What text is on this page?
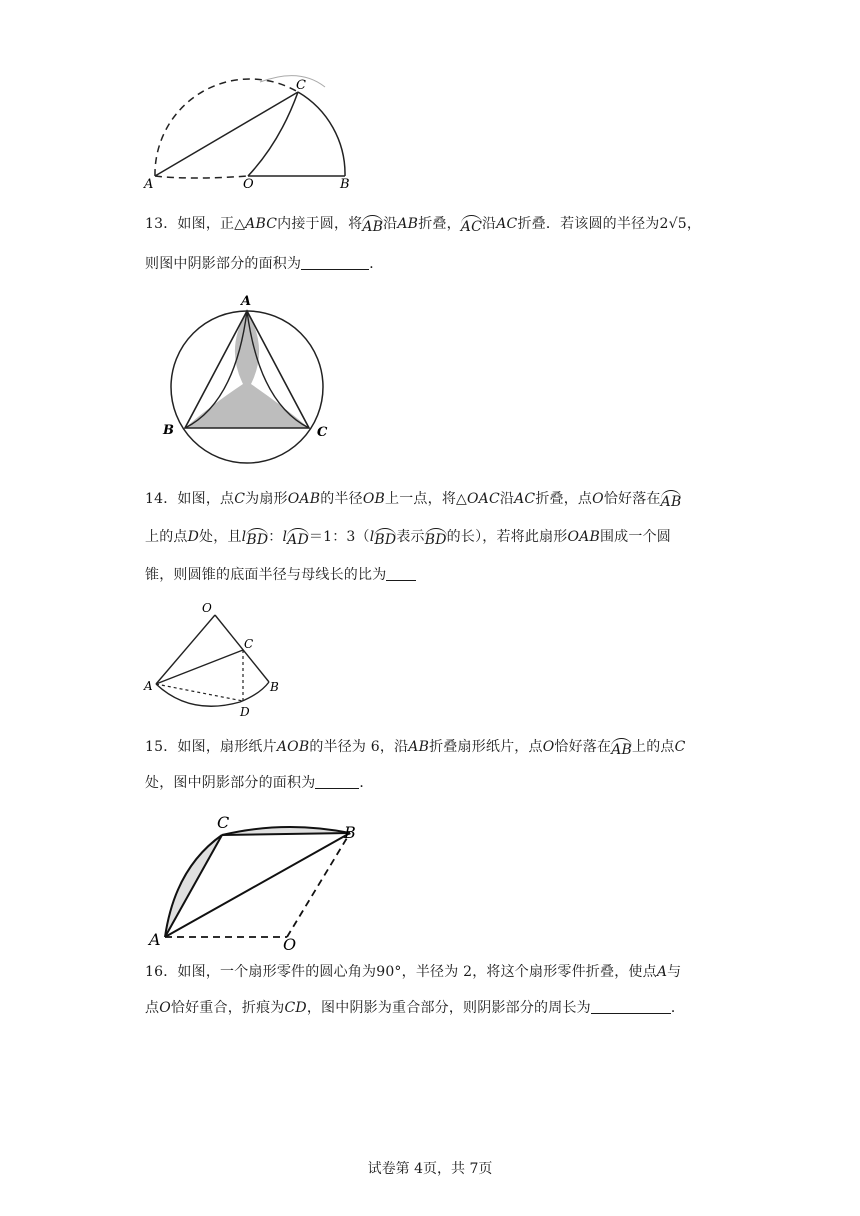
A	O	B
C
13．如图，正△ABC内接于圆，将AB沿AB折叠，AC沿AC折叠．若该圆的半径为2√5，
则图中阴影部分的面积为	．
A
B	C
14．如图，点C为扇形OAB的半径OB上一点，将△OAC沿AC折叠，点O恰好落在AB
上的点D处，且lBD：lAD＝1：3（lBD表示BD的长），若将此扇形OAB围成一个圆
锥，则圆锥的底面半径与母线长的比为
O
C
A	B
D
15．如图，扇形纸片AOB的半径为 6，沿AB折叠扇形纸片，点O恰好落在AB上的点C
处，图中阴影部分的面积为	．
C
B
A	O
16．如图，一个扇形零件的圆心角为90°，半径为 2，将这个扇形零件折叠，使点A与
点O恰好重合，折痕为CD，图中阴影为重合部分，则阴影部分的周长为	．
试卷第 4页，共 7页
